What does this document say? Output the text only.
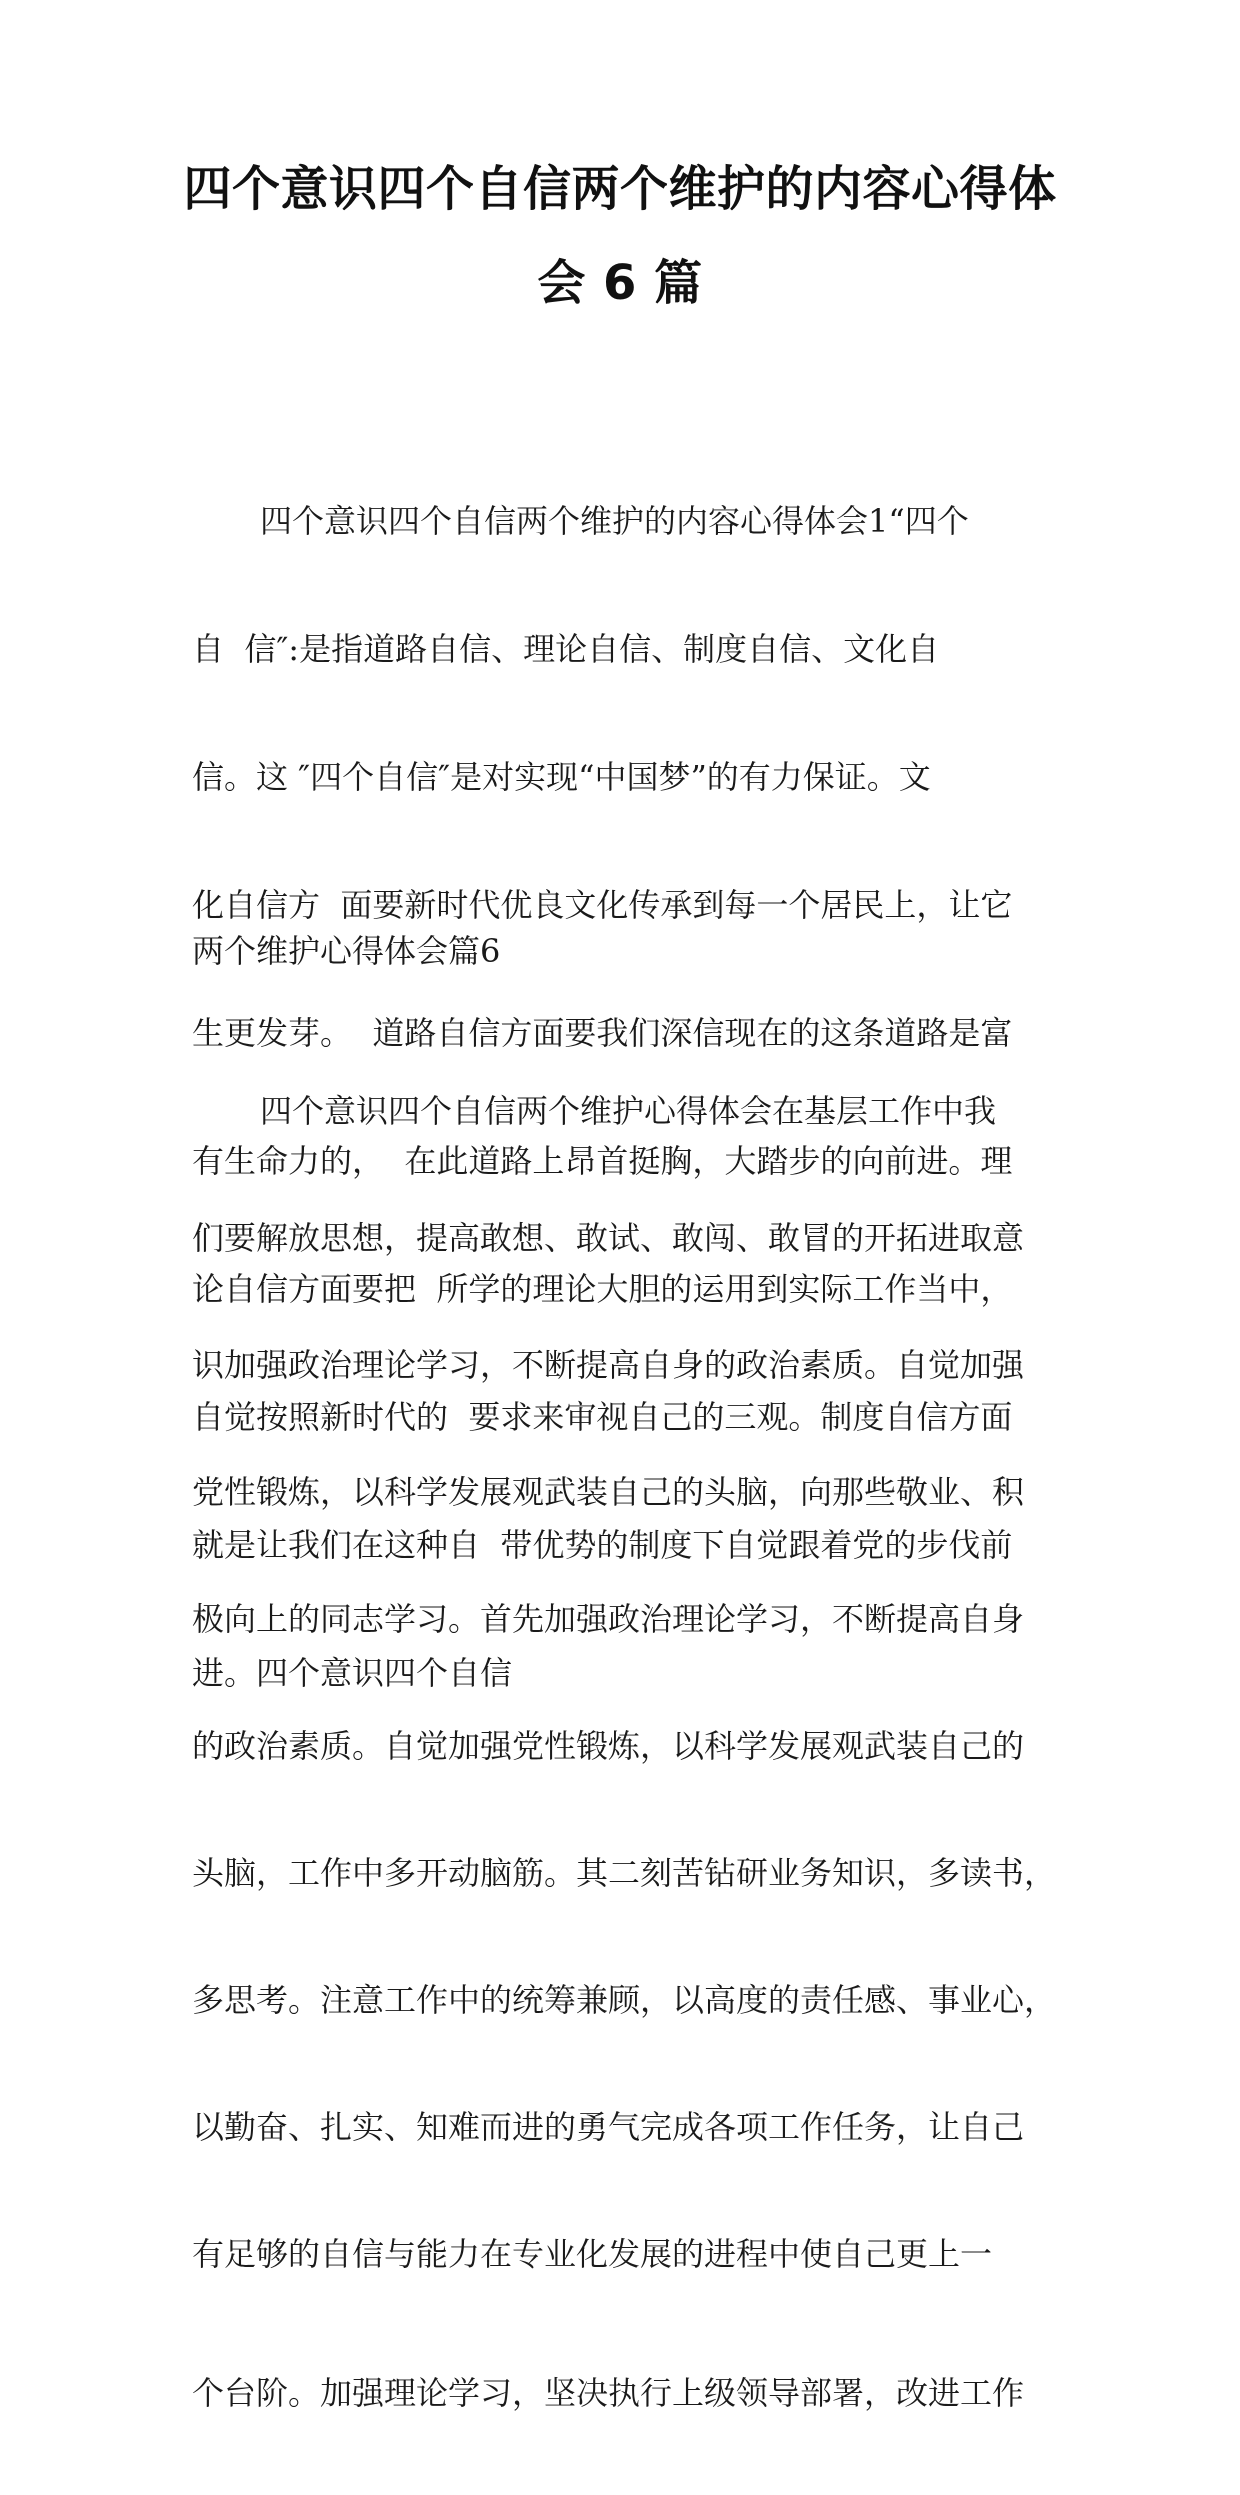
四个意识四个自信两个维护的内容心得体
会 6 篇

四个意识四个自信两个维护的内容心得体会1“四个

自  信″:是指道路自信、理论自信、制度自信、文化自

信。这 ″四个自信″是对实现“中国梦”的有力保证。文

化自信方  面要新时代优良文化传承到每一个居民上，让它

生更发芽。  道路自信方面要我们深信现在的这条道路是富

有生命力的，  在此道路上昂首挺胸，大踏步的向前进。理

论自信方面要把  所学的理论大胆的运用到实际工作当中，

自觉按照新时代的  要求来审视自己的三观。制度自信方面

就是让我们在这种自  带优势的制度下自觉跟着党的步伐前

进。四个意识四个自信

两个维护心得体会篇6

四个意识四个自信两个维护心得体会在基层工作中我

们要解放思想，提高敢想、敢试、敢闯、敢冒的开拓进取意

识加强政治理论学习，不断提高自身的政治素质。自觉加强

党性锻炼，以科学发展观武装自己的头脑，向那些敬业、积

极向上的同志学习。首先加强政治理论学习，不断提高自身

的政治素质。自觉加强党性锻炼，以科学发展观武装自己的

头脑，工作中多开动脑筋。其二刻苦钻研业务知识，多读书，

多思考。注意工作中的统筹兼顾，以高度的责任感、事业心，

以勤奋、扎实、知难而进的勇气完成各项工作任务，让自己

有足够的自信与能力在专业化发展的进程中使自己更上一

个台阶。加强理论学习，坚决执行上级领导部署，改进工作
